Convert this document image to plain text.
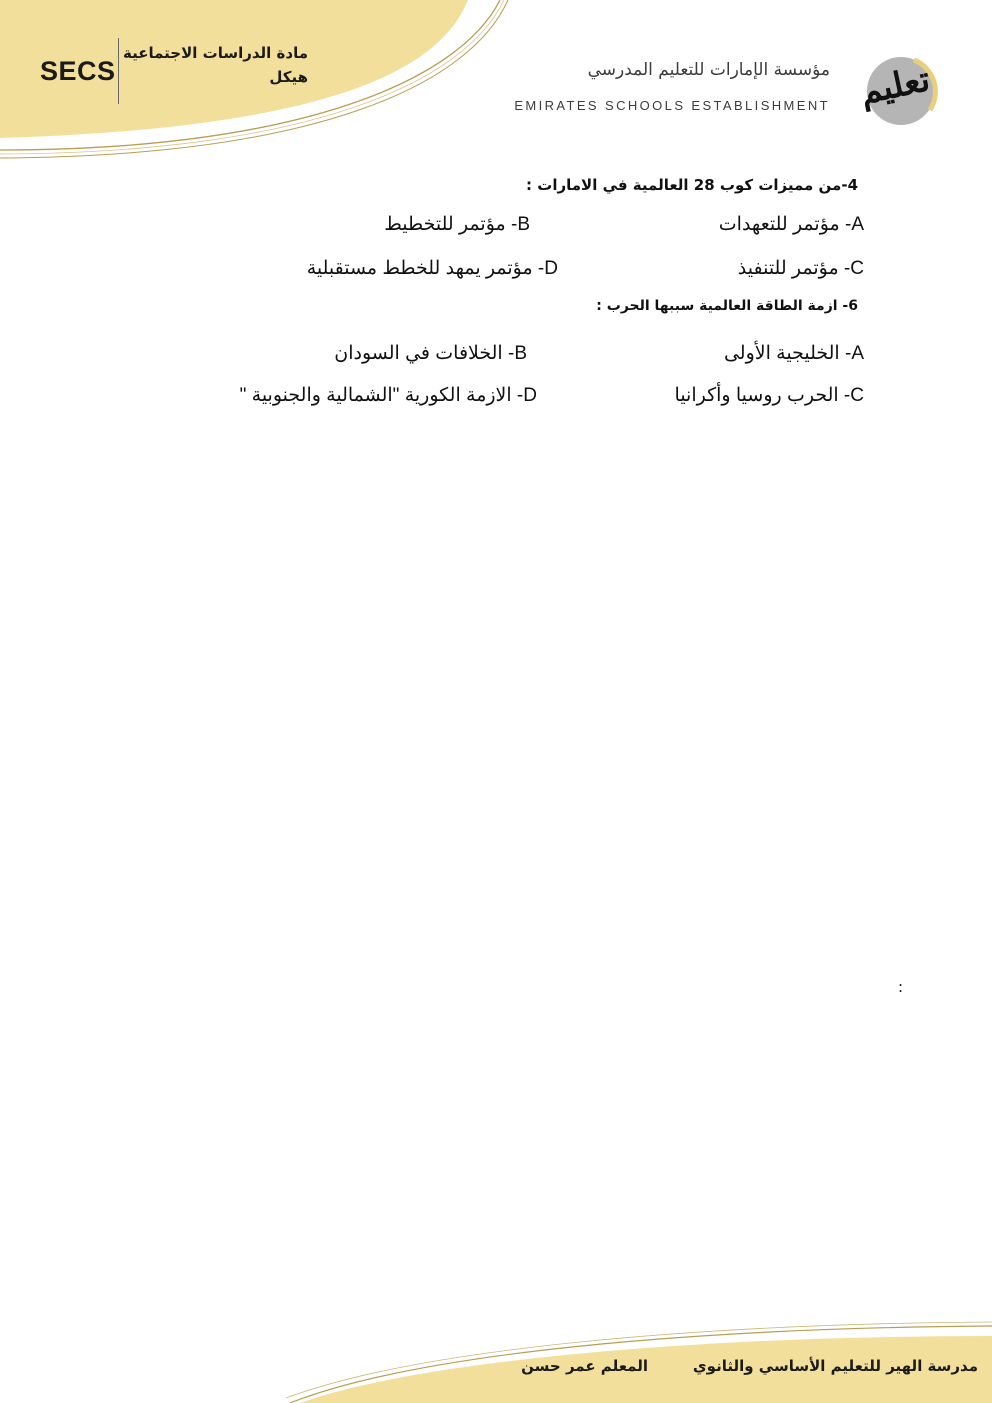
SECS
مادة الدراسات الاجتماعية
هيكل	مؤسسة الإمارات للتعليم المدرسي
EMIRATES SCHOOLS ESTABLISHMENT تعليم
4-من مميزات كوب 28 العالمية في الامارات :
A- مؤتمر للتعهدات
B- مؤتمر للتخطيط
C- مؤتمر للتنفيذ
D- مؤتمر يمهد للخطط مستقبلية
6- ازمة الطاقة العالمية سببها الحرب :
A- الخليجية الأولى
B- الخلافات في السودان
C- الحرب روسيا وأكرانيا
D- الازمة الكورية "الشمالية والجنوبية "
:
مدرسة الهير للتعليم الأساسي والثانوي
المعلم عمر حسن
